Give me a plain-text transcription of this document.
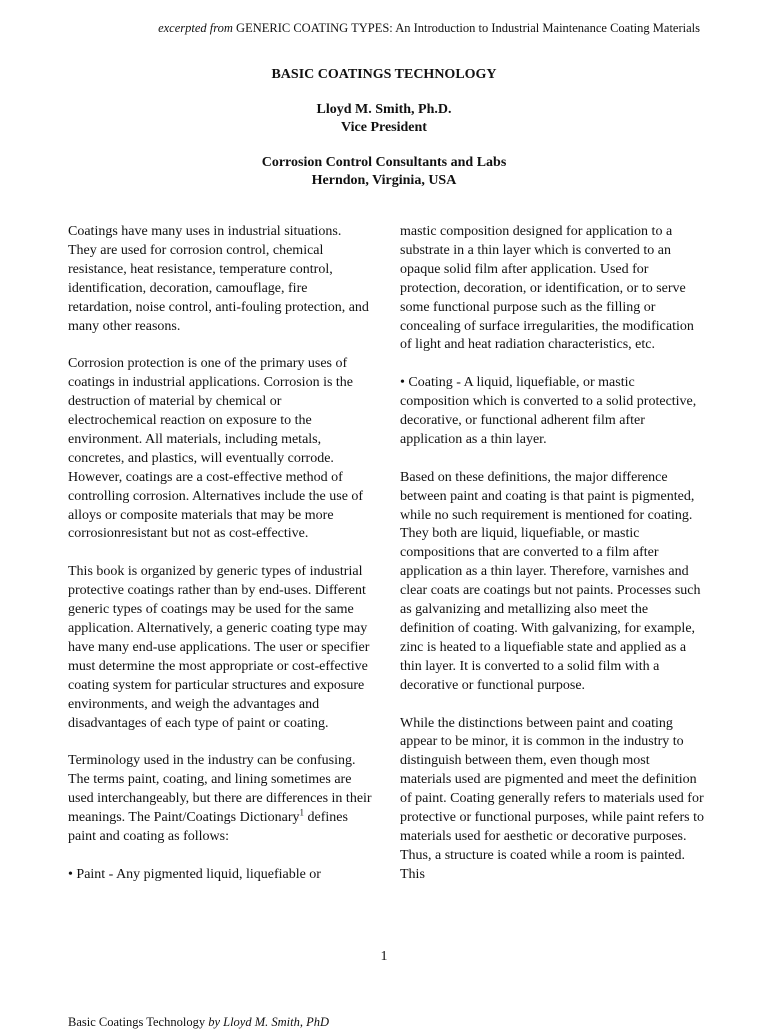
excerpted from GENERIC COATING TYPES: An Introduction to Industrial Maintenance Coating Materials
BASIC COATINGS TECHNOLOGY
Lloyd M. Smith, Ph.D.
Vice President
Corrosion Control Consultants and Labs
Herndon, Virginia, USA

Coatings have many uses in industrial situations. They are used for corrosion control, chemical resistance, heat resistance, temperature control, identification, decoration, camouflage, fire retardation, noise control, anti-fouling protection, and many other reasons.

Corrosion protection is one of the primary uses of coatings in industrial applications. Corrosion is the destruction of material by chemical or electrochemical reaction on exposure to the environment. All materials, including metals, concretes, and plastics, will eventually corrode. However, coatings are a cost-effective method of controlling corrosion. Alternatives include the use of alloys or composite materials that may be more corrosionresistant but not as cost-effective.

This book is organized by generic types of industrial protective coatings rather than by end-uses. Different generic types of coatings may be used for the same application. Alternatively, a generic coating type may have many end-use applications. The user or specifier must determine the most appropriate or cost-effective coating system for particular structures and exposure environments, and weigh the advantages and disadvantages of each type of paint or coating.

Terminology used in the industry can be confusing. The terms paint, coating, and lining sometimes are used interchangeably, but there are differences in their meanings. The Paint/Coatings Dictionary$^1$ defines paint and coating as follows:

• Paint - Any pigmented liquid, liquefiable or

mastic composition designed for application to a substrate in a thin layer which is converted to an opaque solid film after application. Used for protection, decoration, or identification, or to serve some functional purpose such as the filling or concealing of surface irregularities, the modification of light and heat radiation characteristics, etc.

• Coating - A liquid, liquefiable, or mastic composition which is converted to a solid protective, decorative, or functional adherent film after application as a thin layer.

Based on these definitions, the major difference between paint and coating is that paint is pigmented, while no such requirement is mentioned for coating. They both are liquid, liquefiable, or mastic compositions that are converted to a film after application as a thin layer. Therefore, varnishes and clear coats are coatings but not paints. Processes such as galvanizing and metallizing also meet the definition of coating. With galvanizing, for example, zinc is heated to a liquefiable state and applied as a thin layer. It is converted to a solid film with a decorative or functional purpose.

While the distinctions between paint and coating appear to be minor, it is common in the industry to distinguish between them, even though most materials used are pigmented and meet the definition of paint. Coating generally refers to materials used for protective or functional purposes, while paint refers to materials used for aesthetic or decorative purposes. Thus, a structure is coated while a room is painted. This

1
Basic Coatings Technology by Lloyd M. Smith, PhD
